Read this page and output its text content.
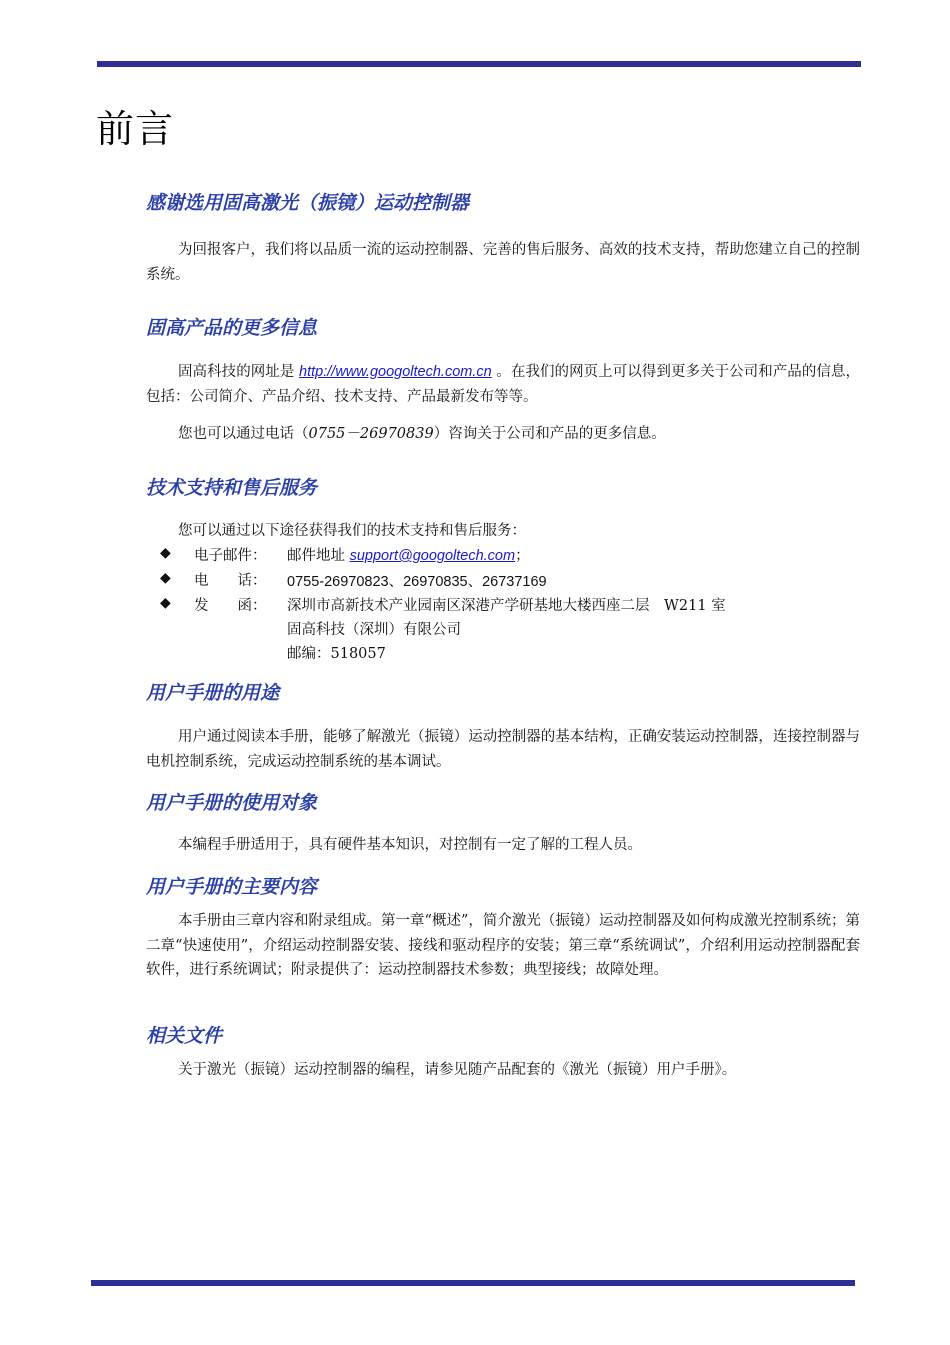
前言
感谢选用固高激光（振镜）运动控制器

为回报客户，我们将以品质一流的运动控制器、完善的售后服务、高效的技术支持，帮助您建立自己的控制系统。

固高产品的更多信息

固高科技的网址是 http://www.googoltech.com.cn 。在我们的网页上可以得到更多关于公司和产品的信息，包括：公司简介、产品介绍、技术支持、产品最新发布等等。

您也可以通过电话（0755－26970839）咨询关于公司和产品的更多信息。

技术支持和售后服务
您可以通过以下途径获得我们的技术支持和售后服务：
◆ 电子邮件： 邮件地址 support@googoltech.com；
◆ 电　　话： 0755-26970823、26970835、26737169
◆ 发　　函： 深圳市高新技术产业园南区深港产学研基地大楼西座二层　W211 室
固高科技（深圳）有限公司
邮编：518057
用户手册的用途

用户通过阅读本手册，能够了解激光（振镜）运动控制器的基本结构，正确安装运动控制器，连接控制器与电机控制系统，完成运动控制系统的基本调试。

用户手册的使用对象

本编程手册适用于，具有硬件基本知识，对控制有一定了解的工程人员。

用户手册的主要内容

本手册由三章内容和附录组成。第一章“概述”，简介激光（振镜）运动控制器及如何构成激光控制系统；第二章“快速使用”，介绍运动控制器安装、接线和驱动程序的安装；第三章“系统调试”，介绍利用运动控制器配套软件，进行系统调试；附录提供了：运动控制器技术参数；典型接线；故障处理。

相关文件

关于激光（振镜）运动控制器的编程，请参见随产品配套的《激光（振镜）用户手册》。
